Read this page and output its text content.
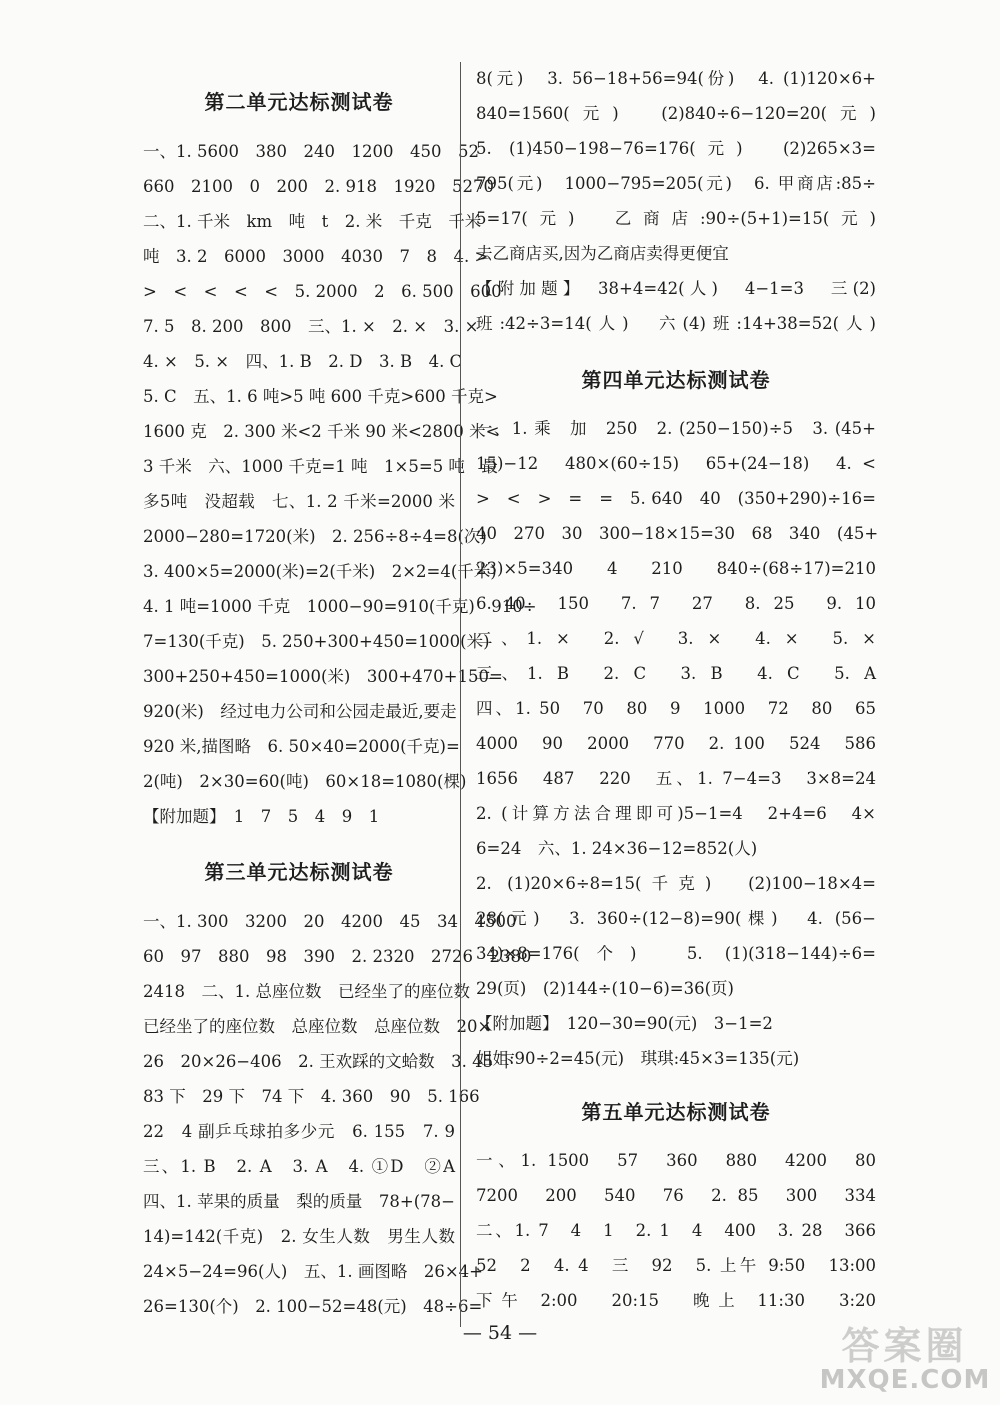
第二单元达标测试卷
一、1. 5600　380　240　1200　450　52
660　2100　0　200　2. 918　1920　5270
二、1. 千米　km　吨　t　2. 米　千克　千米
吨　3. 2　6000　3000　4030　7　8　4. >
>　<　<　<　<　5. 2000　2　6. 500　600
7. 5　8. 200　800　三、1. ×　2. ×　3. ×
4. ×　5. ×　四、1. B　2. D　3. B　4. C
5. C　五、1. 6 吨>5 吨 600 千克>600 千克>
1600 克　2. 300 米<2 千米 90 米<2800 米<
3 千米　六、1000 千克=1 吨　1×5=5 吨　最
多5吨　没超载　七、1. 2 千米=2000 米
2000−280=1720(米)　2. 256÷8÷4=8(次)
3. 400×5=2000(米)=2(千米)　2×2=4(千米)
4. 1 吨=1000 千克　1000−90=910(千克)　910÷
7=130(千克)　5. 250+300+450=1000(米)
300+250+450=1000(米)　300+470+150=
920(米)　经过电力公司和公园走最近,要走
920 米,描图略　6. 50×40=2000(千克)=
2(吨)　2×30=60(吨)　60×18=1080(棵)
【附加题】　1　7　5　4　9　1
第三单元达标测试卷
一、1. 300　3200　20　4200　45　34　4500
60　97　880　98　390　2. 2320　2726　2380
2418　二、1. 总座位数　已经坐了的座位数
已经坐了的座位数　总座位数　总座位数　20×
26　20×26−406　2. 王欢踩的文蛤数　3. 45 下
83 下　29 下　74 下　4. 360　90　5. 166
22　4 副乒乓球拍多少元　6. 155　7. 9
三、1. B　2. A　3. A　4. ①D　②A
四、1. 苹果的质量　梨的质量　78+(78−
14)=142(千克)　2. 女生人数　男生人数
24×5−24=96(人)　五、1. 画图略　26×4+
26=130(个)　2. 100−52=48(元)　48÷6=
8(元)　3. 56−18+56=94(份)　4. (1)120×6+
840=1560(元)　(2)840÷6−120=20(元)
5. (1)450−198−76=176(元)　(2)265×3=
795(元)　1000−795=205(元)　6. 甲商店:85÷
5=17(元)　乙商店:90÷(5+1)=15(元)
去乙商店买,因为乙商店卖得更便宜
【附加题】　38+4=42(人)　4−1=3　三(2)
班:42÷3=14(人)　六(4)班:14+38=52(人)
第四单元达标测试卷
一、1. 乘　加　250　2. (250−150)÷5　3. (45+
15)−12　480×(60÷15)　65+(24−18)　4. <
>　<　>　=　=　5. 640　40　(350+290)÷16=
40　270　30　300−18×15=30　68　340　(45+
23)×5=340　4　210　840÷(68÷17)=210
6. 40　150　7. 7　27　8. 25　9. 10
二、1. ×　2. √　3. ×　4. ×　5. ×
三、1. B　2. C　3. B　4. C　5. A
四、1. 50　70　80　9　1000　72　80　65
4000　90　2000　770　2. 100　524　586
1656　487　220　五、1. 7−4=3　3×8=24
2. (计算方法合理即可)5−1=4　2+4=6　4×
6=24　六、1. 24×36−12=852(人)
2. (1)20×6÷8=15(千克)　(2)100−18×4=
28(元)　3. 360÷(12−8)=90(棵)　4. (56−
34)×8=176(个)　5. (1)(318−144)÷6=
29(页)　(2)144÷(10−6)=36(页)
【附加题】　120−30=90(元)　3−1=2
姐姐:90÷2=45(元)　琪琪:45×3=135(元)
第五单元达标测试卷
一、1. 1500　57　360　880　4200　80
7200　200　540　76　2. 85　300　334
二、1. 7　4　1　2. 1　4　400　3. 28　366
52　2　4. 4　三　92　5. 上午 9:50　13:00
下午 2:00　20:15　晚上 11:30　3:20
— 54 —	答案圈
MXQE.COM
